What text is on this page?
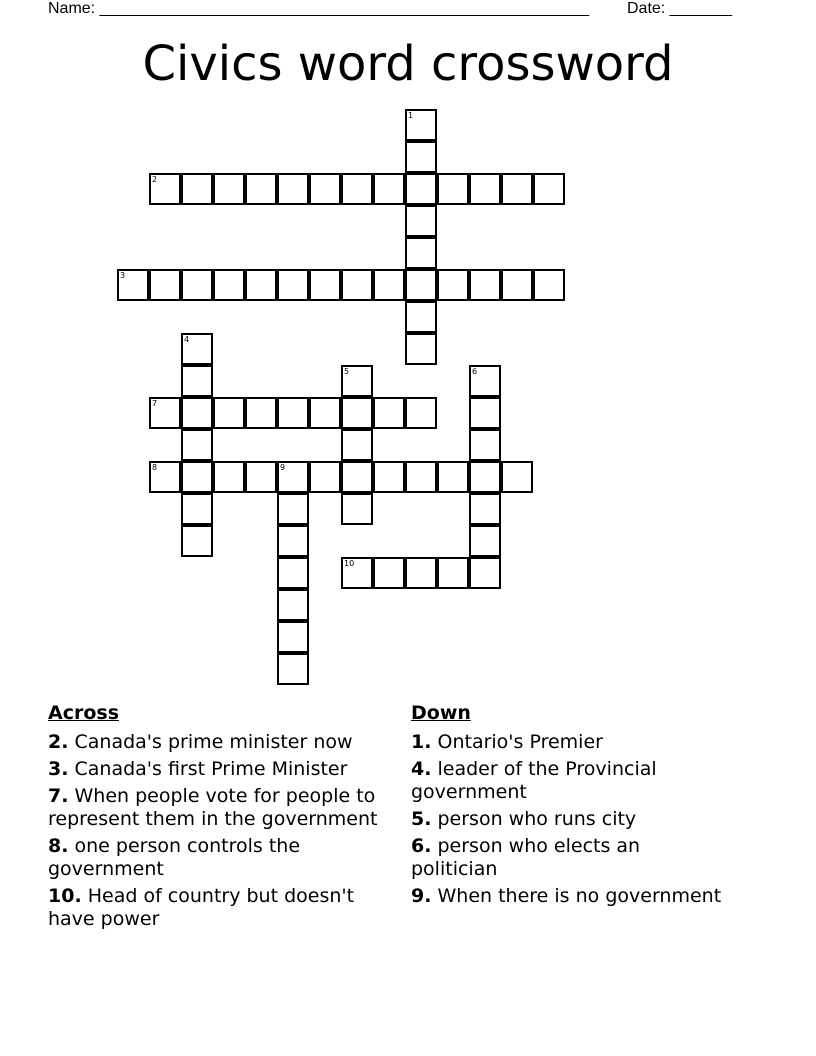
Name: _______________________________________________________ Date: _______
Civics word crossword
1
2
3
4
5	6
7
8	9
10
Across
2. Canada's prime minister now
3. Canada's first Prime Minister
7. When people vote for people to represent them in the government
8. one person controls the government
10. Head of country but doesn't have power
Down
1. Ontario's Premier
4. leader of the Provincial government
5. person who runs city
6. person who elects an politician
9. When there is no government
